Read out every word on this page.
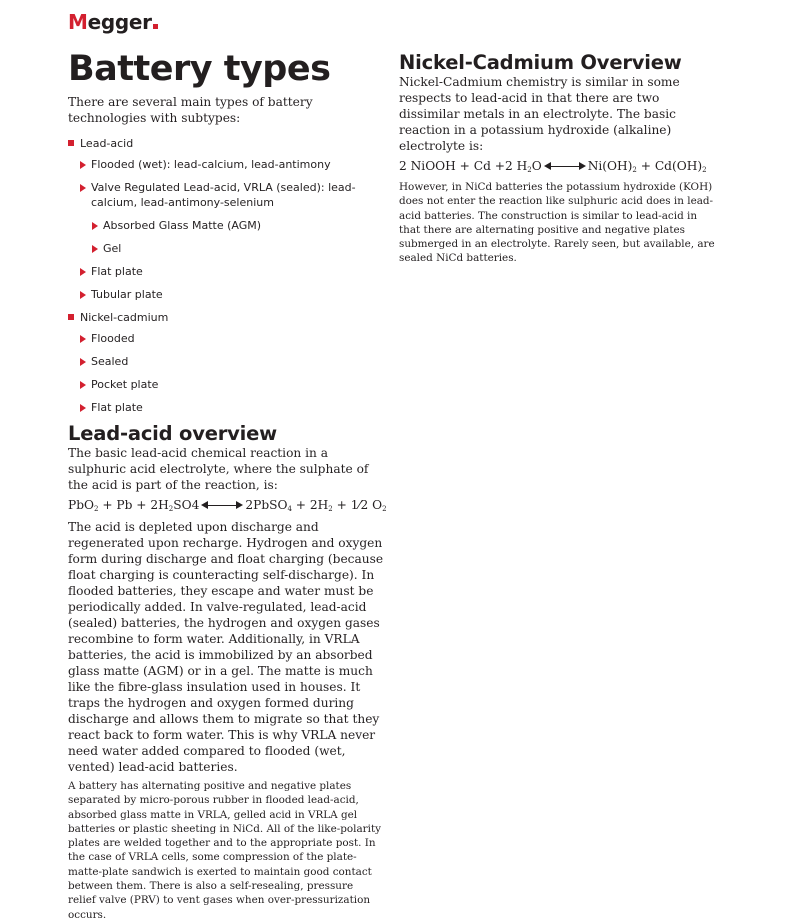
Megger
Battery types

There are several main types of battery technologies with subtypes:

Lead-acid
Flooded (wet): lead-calcium, lead-antimony
Valve Regulated Lead-acid, VRLA (sealed): lead-calcium, lead-antimony-selenium
Absorbed Glass Matte (AGM)
Gel
Flat plate
Tubular plate
Nickel-cadmium
Flooded
Sealed
Pocket plate
Flat plate
Lead-acid overview

The basic lead-acid chemical reaction in a sulphuric acid electrolyte, where the sulphate of the acid is part of the reaction, is:

$PbO_2 + Pb + 2H_2SO4$	2PbSO$_4$ + $2H_2$ + 1⁄2 $O_2$

The acid is depleted upon discharge and regenerated upon recharge. Hydrogen and oxygen form during discharge and float charging (because float charging is counteracting self-discharge). In flooded batteries, they escape and water must be periodically added. In valve-regulated, lead-acid (sealed) batteries, the hydrogen and oxygen gases recombine to form water. Additionally, in VRLA batteries, the acid is immobilized by an absorbed glass matte (AGM) or in a gel. The matte is much like the fibre-glass insulation used in houses. It traps the hydrogen and oxygen formed during discharge and allows them to migrate so that they react back to form water. This is why VRLA never need water added compared to flooded (wet, vented) lead-acid batteries.

A battery has alternating positive and negative plates separated by micro-porous rubber in flooded lead-acid, absorbed glass matte in VRLA, gelled acid in VRLA gel batteries or plastic sheeting in NiCd. All of the like-polarity plates are welded together and to the appropriate post. In the case of VRLA cells, some compression of the plate-matte-plate sandwich is exerted to maintain good contact between them. There is also a self-resealing, pressure relief valve (PRV) to vent gases when over-pressurization occurs.

Nickel-Cadmium Overview

Nickel-Cadmium chemistry is similar in some respects to lead-acid in that there are two dissimilar metals in an electrolyte. The basic reaction in a potassium hydroxide (alkaline) electrolyte is:

2 NiOOH + Cd +2 $H_2O$	$Ni(OH)_2 + Cd(OH)_2$

However, in NiCd batteries the potassium hydroxide (KOH) does not enter the reaction like sulphuric acid does in lead-acid batteries. The construction is similar to lead-acid in that there are alternating positive and negative plates submerged in an electrolyte. Rarely seen, but available, are sealed NiCd batteries.
